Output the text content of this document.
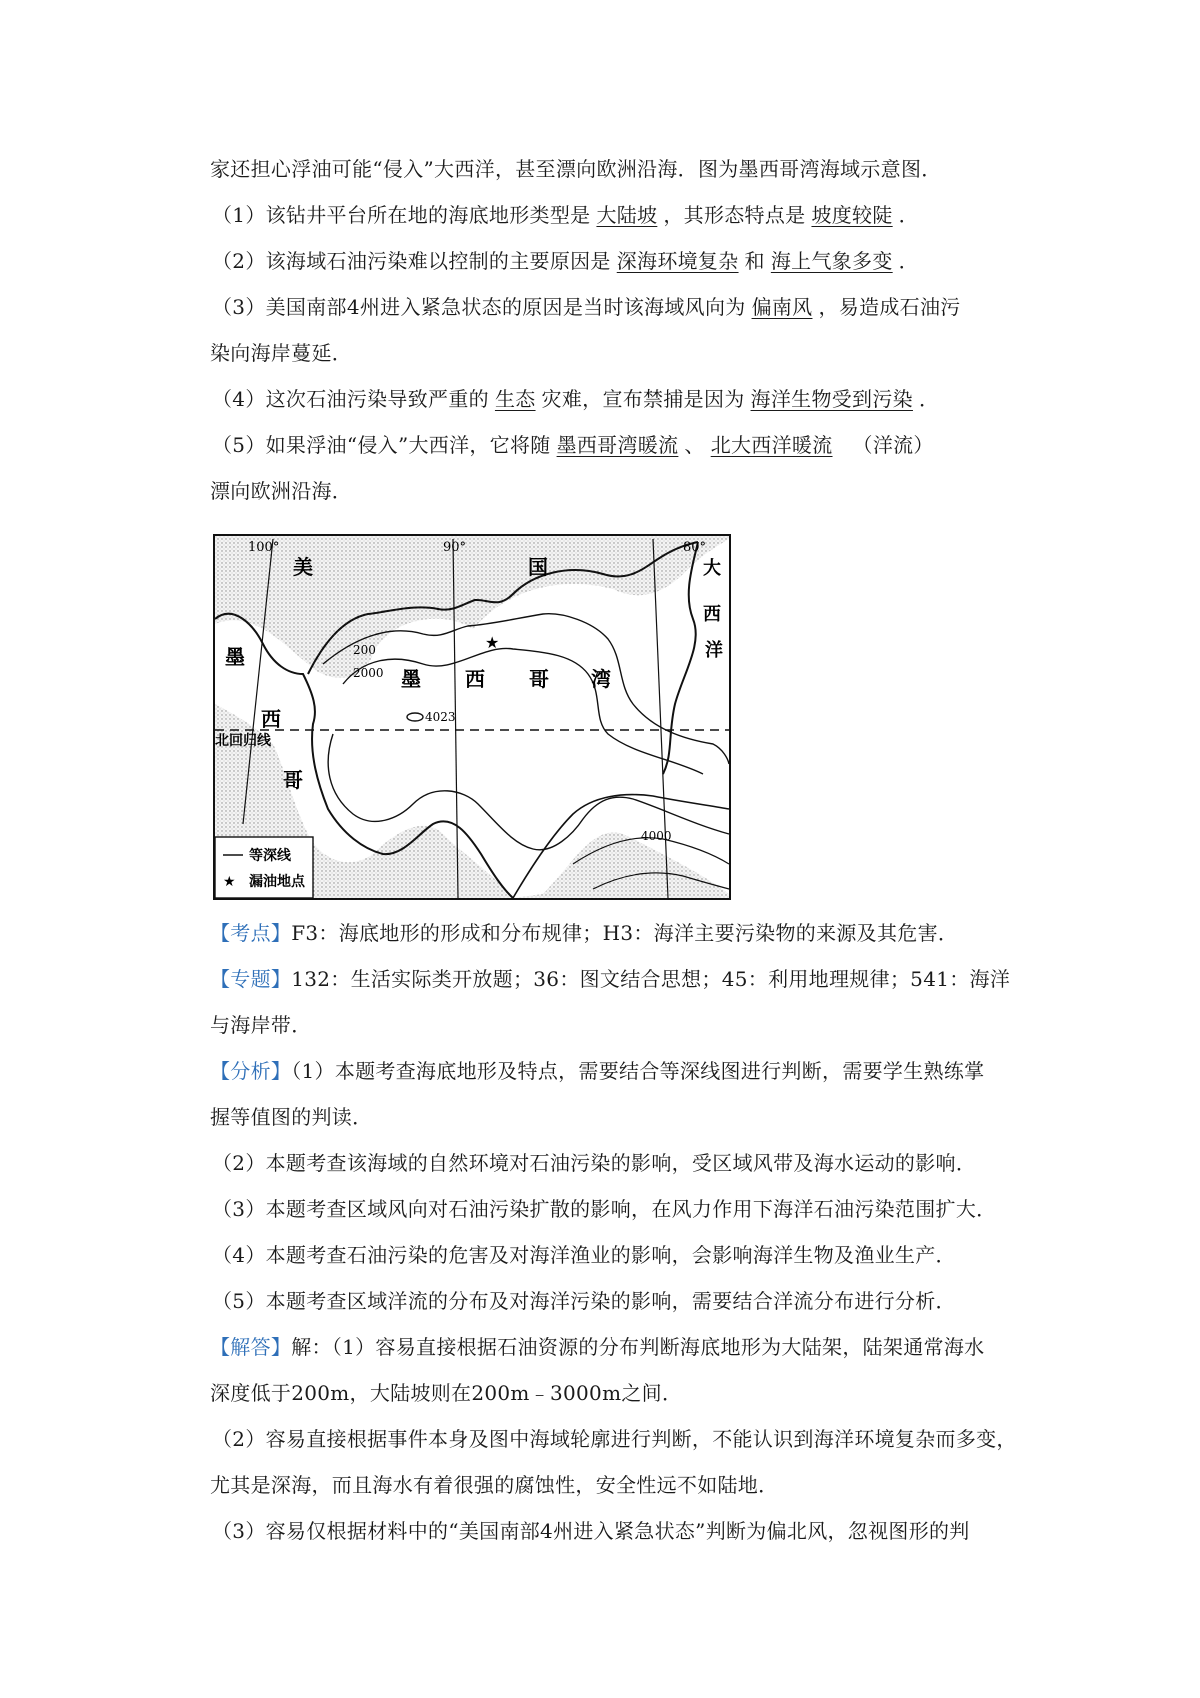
家还担心浮油可能“侵入”大西洋，甚至漂向欧洲沿海．图为墨西哥湾海域示意图．
（1）该钻井平台所在地的海底地形类型是 大陆坡 ，其形态特点是 坡度较陡 ．
（2）该海域石油污染难以控制的主要原因是 深海环境复杂 和 海上气象多变 ．
（3）美国南部4州进入紧急状态的原因是当时该海域风向为 偏南风 ，易造成石油污
染向海岸蔓延．
（4）这次石油污染导致严重的 生态 灾难，宣布禁捕是因为 海洋生物受到污染 ．
（5）如果浮油“侵入”大西洋，它将随 墨西哥湾暖流 、 北大西洋暖流 （洋流）
漂向欧洲沿海．
100°	90°	80°
美	国
墨
西
哥
墨 西 哥 湾
大
西
洋
200
2000
4023
4000
北回归线
★
等深线
★ 漏油地点
【考点】F3：海底地形的形成和分布规律；H3：海洋主要污染物的来源及其危害．
【专题】132：生活实际类开放题；36：图文结合思想；45：利用地理规律；541：海洋
与海岸带．
【分析】（1）本题考查海底地形及特点，需要结合等深线图进行判断，需要学生熟练掌
握等值图的判读．
（2）本题考查该海域的自然环境对石油污染的影响，受区域风带及海水运动的影响．
（3）本题考查区域风向对石油污染扩散的影响，在风力作用下海洋石油污染范围扩大．
（4）本题考查石油污染的危害及对海洋渔业的影响，会影响海洋生物及渔业生产．
（5）本题考查区域洋流的分布及对海洋污染的影响，需要结合洋流分布进行分析．
【解答】解：（1）容易直接根据石油资源的分布判断海底地形为大陆架，陆架通常海水
深度低于200m，大陆坡则在200m﹣3000m之间．
（2）容易直接根据事件本身及图中海域轮廓进行判断，不能认识到海洋环境复杂而多变，
尤其是深海，而且海水有着很强的腐蚀性，安全性远不如陆地．
（3）容易仅根据材料中的“美国南部4州进入紧急状态”判断为偏北风，忽视图形的判
